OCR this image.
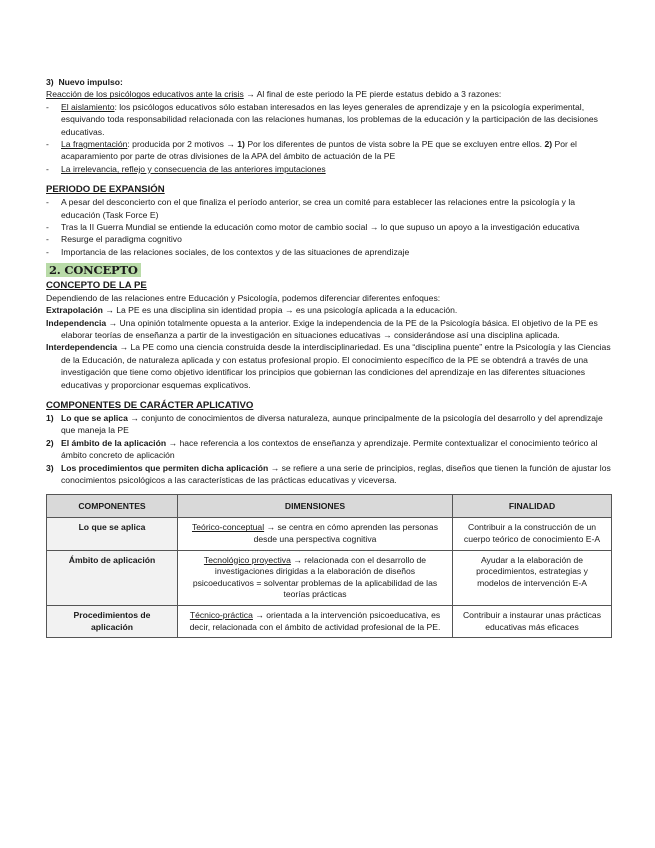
3) Nuevo impulso:
Reacción de los psicólogos educativos ante la crisis → Al final de este periodo la PE pierde estatus debido a 3 razones:
- El aislamiento: los psicólogos educativos sólo estaban interesados en las leyes generales de aprendizaje y en la psicología experimental, esquivando toda responsabilidad relacionada con las relaciones humanas, los problemas de la educación y la participación de las decisiones educativas.
- La fragmentación: producida por 2 motivos → 1) Por los diferentes de puntos de vista sobre la PE que se excluyen entre ellos. 2) Por el acaparamiento por parte de otras divisiones de la APA del ámbito de actuación de la PE
- La irrelevancia, reflejo y consecuencia de las anteriores imputaciones
PERIODO DE EXPANSIÓN
- A pesar del desconcierto con el que finaliza el período anterior, se crea un comité para establecer las relaciones entre la psicología y la educación (Task Force E)
- Tras la II Guerra Mundial se entiende la educación como motor de cambio social → lo que supuso un apoyo a la investigación educativa
- Resurge el paradigma cognitivo
- Importancia de las relaciones sociales, de los contextos y de las situaciones de aprendizaje
2. CONCEPTO
CONCEPTO DE LA PE
Dependiendo de las relaciones entre Educación y Psicología, podemos diferenciar diferentes enfoques:
Extrapolación → La PE es una disciplina sin identidad propia → es una psicología aplicada a la educación.
Independencia → Una opinión totalmente opuesta a la anterior. Exige la independencia de la PE de la Psicología básica. El objetivo de la PE es elaborar teorías de enseñanza a partir de la investigación en situaciones educativas → considerándose así una disciplina aplicada.
Interdependencia → La PE como una ciencia construida desde la interdisciplinariedad. Es una “disciplina puente” entre la Psicología y las Ciencias de la Educación, de naturaleza aplicada y con estatus profesional propio. El conocimiento específico de la PE se obtendrá a través de una investigación que tiene como objetivo identificar los principios que gobiernan las condiciones del aprendizaje en las diferentes situaciones educativas y proporcionar esquemas explicativos.
COMPONENTES DE CARÁCTER APLICATIVO
1) Lo que se aplica → conjunto de conocimientos de diversa naturaleza, aunque principalmente de la psicología del desarrollo y del aprendizaje que maneja la PE
2) El ámbito de la aplicación → hace referencia a los contextos de enseñanza y aprendizaje. Permite contextualizar el conocimiento teórico al ámbito concreto de aplicación
3) Los procedimientos que permiten dicha aplicación → se refiere a una serie de principios, reglas, diseños que tienen la función de ajustar los conocimientos psicológicos a las características de las prácticas educativas y viceversa.
COMPONENTES	DIMENSIONES	FINALIDAD
Lo que se aplica	Teórico-conceptual → se centra en cómo aprenden las personas desde una perspectiva cognitiva	Contribuir a la construcción de un cuerpo teórico de conocimiento E-A
Ámbito de aplicación	Tecnológico proyectiva → relacionada con el desarrollo de investigaciones dirigidas a la elaboración de diseños psicoeducativos = solventar problemas de la aplicabilidad de las teorías prácticas	Ayudar a la elaboración de procedimientos, estrategias y modelos de intervención E-A
Procedimientos de aplicación	Técnico-práctica → orientada a la intervención psicoeducativa, es decir, relacionada con el ámbito de actividad profesional de la PE.	Contribuir a instaurar unas prácticas educativas más eficaces
